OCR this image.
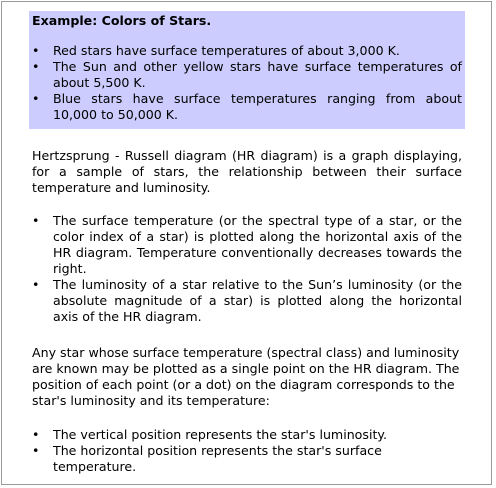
Example: Colors of Stars.

• Red stars have surface temperatures of about 3,000 K.
• The Sun and other yellow stars have surface temperatures of about 5,500 K.
• Blue stars have surface temperatures ranging from about 10,000 to 50,000 K.

Hertzsprung - Russell diagram (HR diagram) is a graph displaying, for a sample of stars, the relationship between their surface temperature and luminosity.

• The surface temperature (or the spectral type of a star, or the color index of a star) is plotted along the horizontal axis of the HR diagram. Temperature conventionally decreases towards the right.
• The luminosity of a star relative to the Sun’s luminosity (or the absolute magnitude of a star) is plotted along the horizontal axis of the HR diagram.

Any star whose surface temperature (spectral class) and luminosity are known may be plotted as a single point on the HR diagram. The position of each point (or a dot) on the diagram corresponds to the star's luminosity and its temperature:

• The vertical position represents the star's luminosity.
• The horizontal position represents the star's surface temperature.
